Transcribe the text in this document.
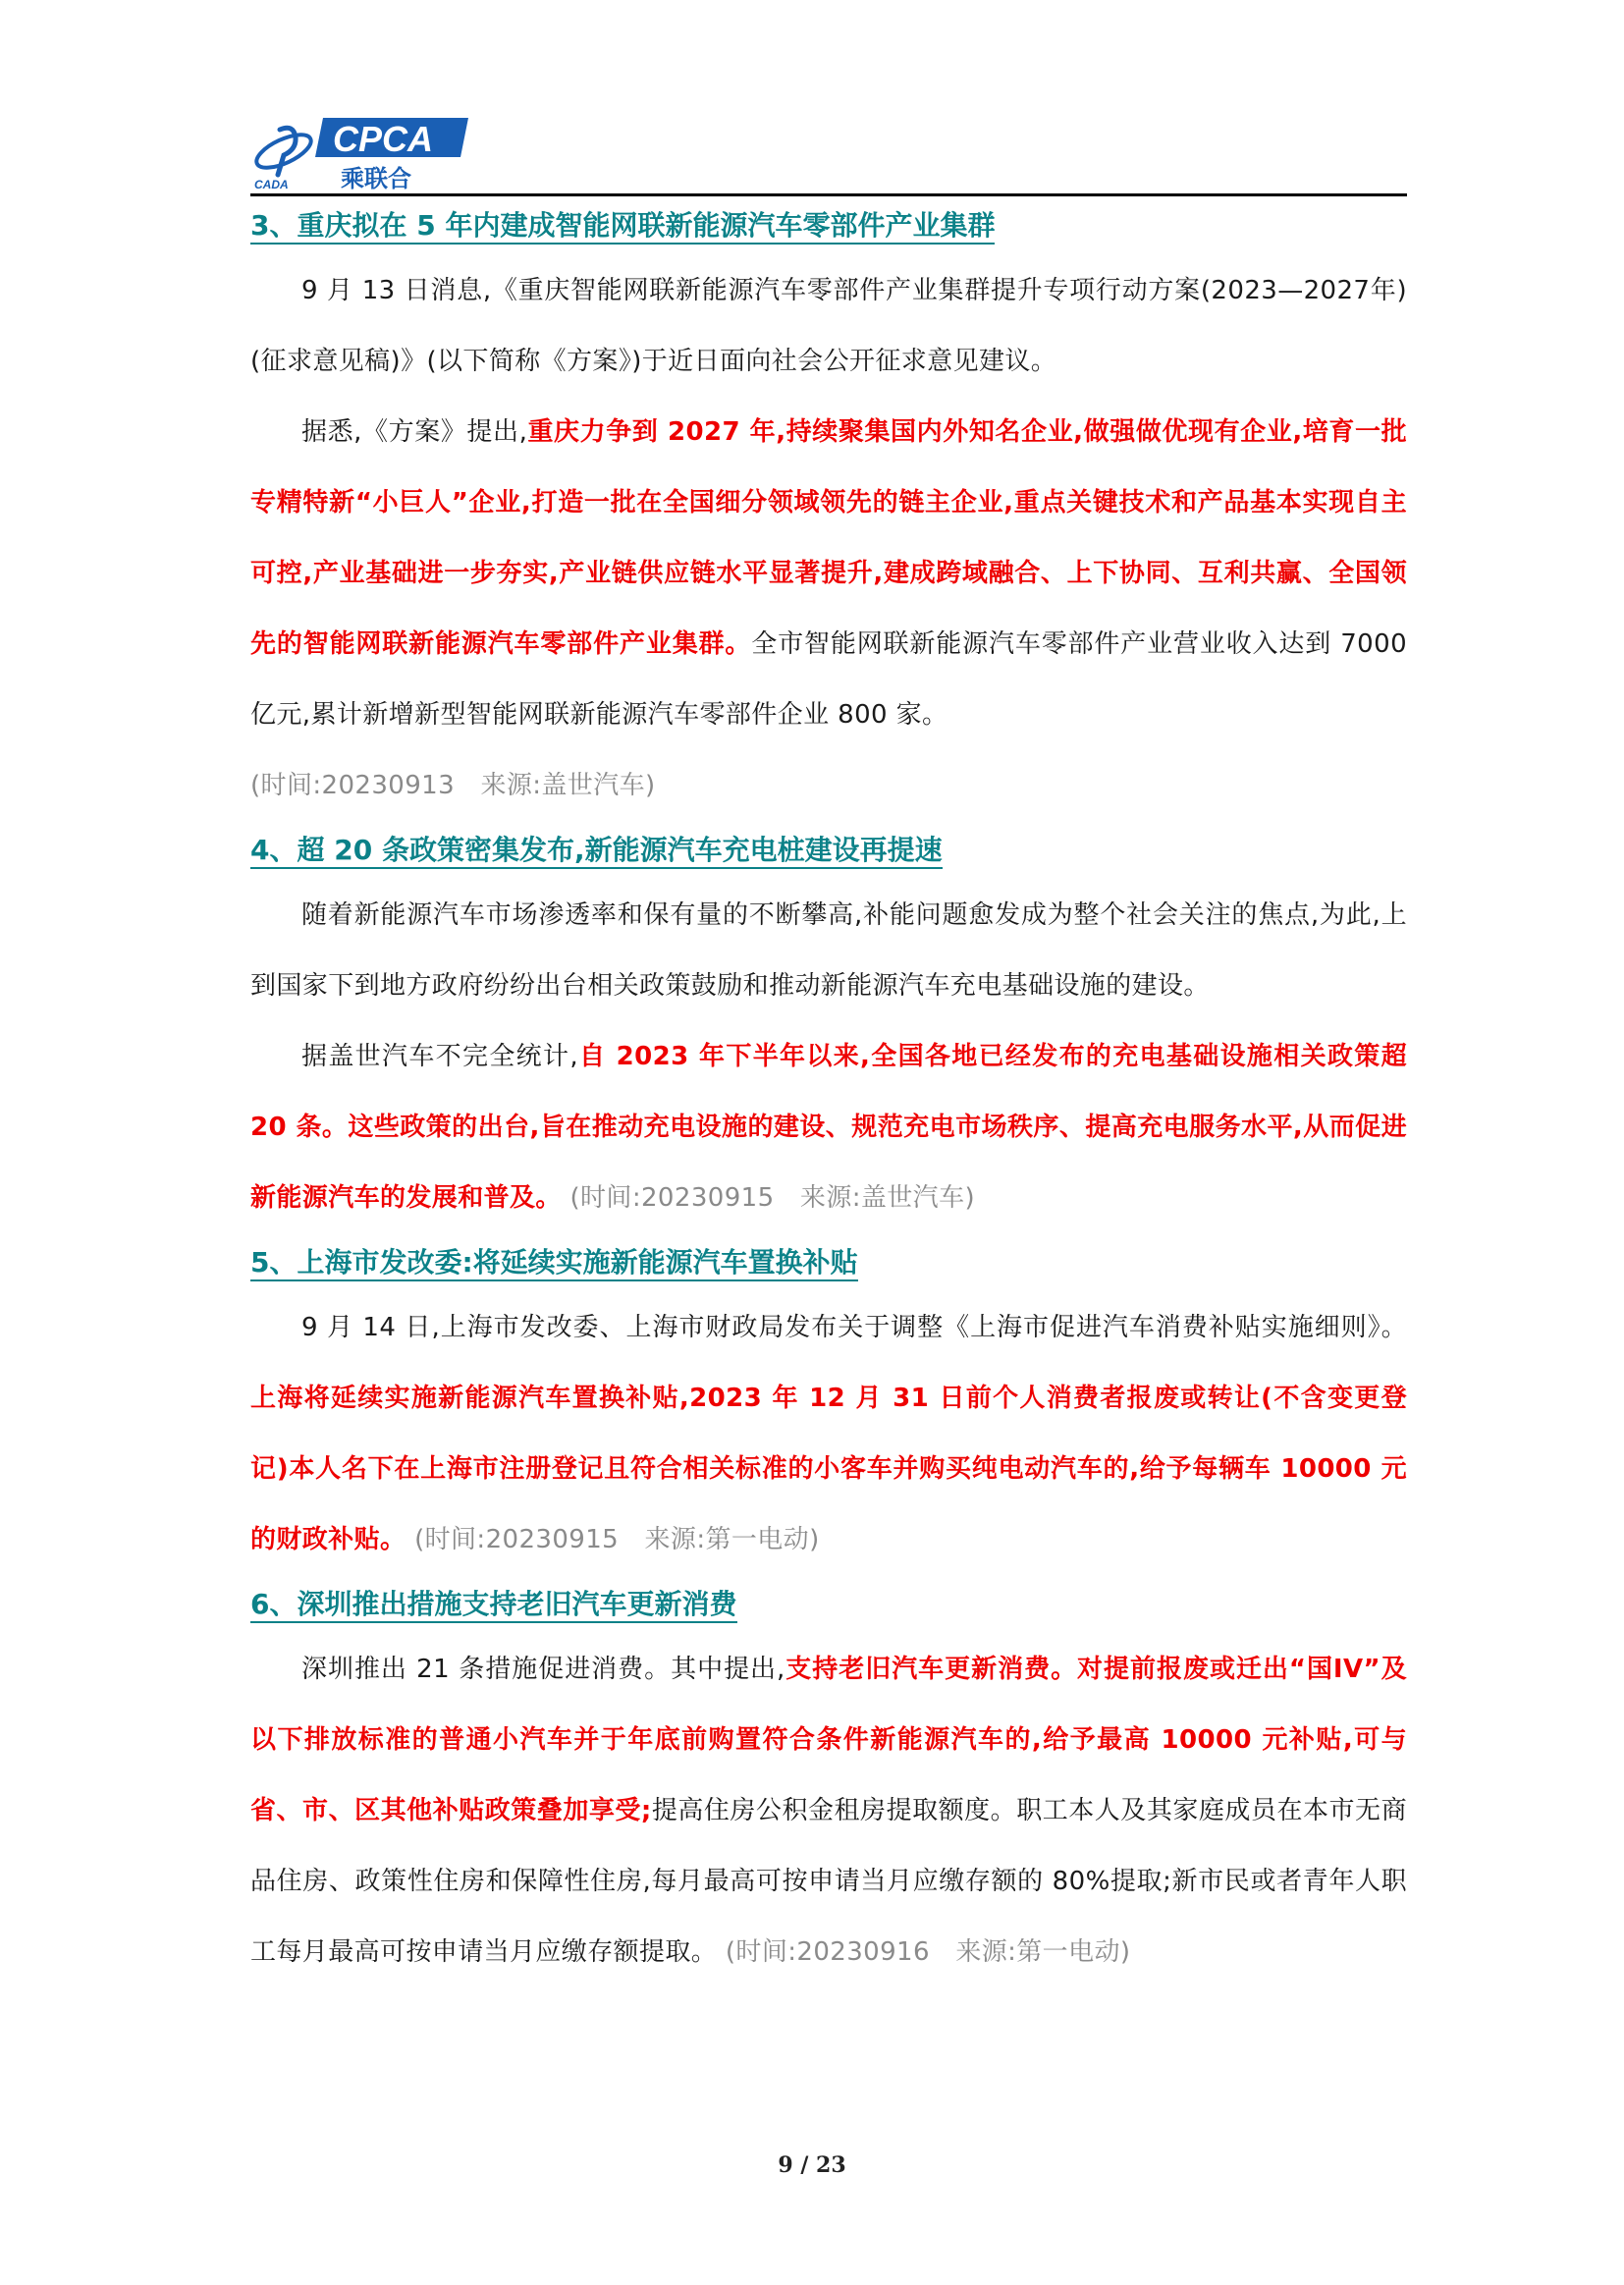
CPCA
乘联合
CADA
3、重庆拟在 5 年内建成智能网联新能源汽车零部件产业集群

9 月 13 日消息,《重庆智能网联新能源汽车零部件产业集群提升专项行动方案(2023—2027年)(征求意见稿)》(以下简称《方案》)于近日面向社会公开征求意见建议。

据悉,《方案》提出,重庆力争到 2027 年,持续聚集国内外知名企业,做强做优现有企业,培育一批专精特新“小巨人”企业,打造一批在全国细分领域领先的链主企业,重点关键技术和产品基本实现自主可控,产业基础进一步夯实,产业链供应链水平显著提升,建成跨域融合、上下协同、互利共赢、全国领先的智能网联新能源汽车零部件产业集群。全市智能网联新能源汽车零部件产业营业收入达到 7000 亿元,累计新增新型智能网联新能源汽车零部件企业 800 家。
(时间:20230913　来源:盖世汽车)

4、超 20 条政策密集发布,新能源汽车充电桩建设再提速

随着新能源汽车市场渗透率和保有量的不断攀高,补能问题愈发成为整个社会关注的焦点,为此,上到国家下到地方政府纷纷出台相关政策鼓励和推动新能源汽车充电基础设施的建设。

据盖世汽车不完全统计,自 2023 年下半年以来,全国各地已经发布的充电基础设施相关政策超 20 条。这些政策的出台,旨在推动充电设施的建设、规范充电市场秩序、提高充电服务水平,从而促进新能源汽车的发展和普及。 (时间:20230915　来源:盖世汽车)

5、上海市发改委:将延续实施新能源汽车置换补贴

9 月 14 日,上海市发改委、上海市财政局发布关于调整《上海市促进汽车消费补贴实施细则》。上海将延续实施新能源汽车置换补贴,2023 年 12 月 31 日前个人消费者报废或转让(不含变更登记)本人名下在上海市注册登记且符合相关标准的小客车并购买纯电动汽车的,给予每辆车 10000 元的财政补贴。 (时间:20230915　来源:第一电动)

6、深圳推出措施支持老旧汽车更新消费

深圳推出 21 条措施促进消费。其中提出,支持老旧汽车更新消费。对提前报废或迁出“国IV”及以下排放标准的普通小汽车并于年底前购置符合条件新能源汽车的,给予最高 10000 元补贴,可与省、市、区其他补贴政策叠加享受;提高住房公积金租房提取额度。职工本人及其家庭成员在本市无商品住房、政策性住房和保障性住房,每月最高可按申请当月应缴存额的 80%提取;新市民或者青年人职工每月最高可按申请当月应缴存额提取。 (时间:20230916　来源:第一电动)

9 / 23
